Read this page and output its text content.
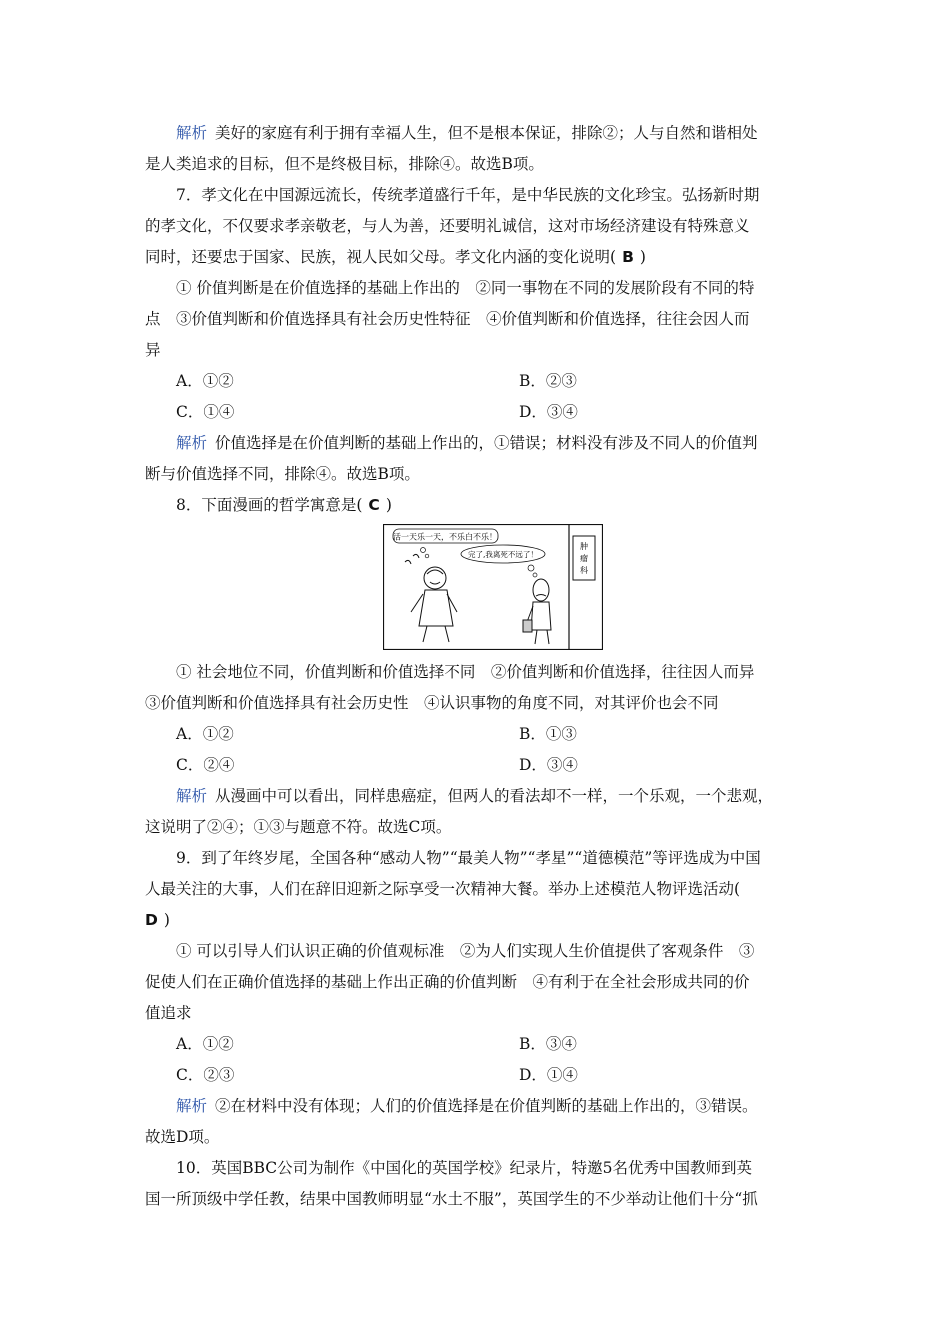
解析 美好的家庭有利于拥有幸福人生，但不是根本保证，排除②；人与自然和谐相处
是人类追求的目标，但不是终极目标，排除④。故选B项。
7．孝文化在中国源远流长，传统孝道盛行千年，是中华民族的文化珍宝。弘扬新时期
的孝文化，不仅要求孝亲敬老，与人为善，还要明礼诚信，这对市场经济建设有特殊意义
同时，还要忠于国家、民族，视人民如父母。孝文化内涵的变化说明( B )
① 价值判断是在价值选择的基础上作出的　②同一事物在不同的发展阶段有不同的特
点　③价值判断和价值选择具有社会历史性特征　④价值判断和价值选择，往往会因人而
异
A．①②	B．②③
C．①④	D．③④
解析 价值选择是在价值判断的基础上作出的，①错误；材料没有涉及不同人的价值判
断与价值选择不同，排除④。故选B项。
8．下面漫画的哲学寓意是( C )
活一天乐一天，不乐白不乐！
完了,我离死不远了！
肿
瘤
科
① 社会地位不同，价值判断和价值选择不同　②价值判断和价值选择，往往因人而异
③价值判断和价值选择具有社会历史性　④认识事物的角度不同，对其评价也会不同
A．①②	B．①③
C．②④	D．③④
解析 从漫画中可以看出，同样患癌症，但两人的看法却不一样，一个乐观，一个悲观，
这说明了②④；①③与题意不符。故选C项。
9．到了年终岁尾，全国各种“感动人物”“最美人物”“孝星”“道德模范”等评选成为中国
人最关注的大事，人们在辞旧迎新之际享受一次精神大餐。举办上述模范人物评选活动(
D )
① 可以引导人们认识正确的价值观标准　②为人们实现人生价值提供了客观条件　③
促使人们在正确价值选择的基础上作出正确的价值判断　④有利于在全社会形成共同的价
值追求
A．①②	B．③④
C．②③	D．①④
解析 ②在材料中没有体现；人们的价值选择是在价值判断的基础上作出的，③错误。
故选D项。
10．英国BBC公司为制作《中国化的英国学校》纪录片，特邀5名优秀中国教师到英
国一所顶级中学任教，结果中国教师明显“水土不服”，英国学生的不少举动让他们十分“抓
